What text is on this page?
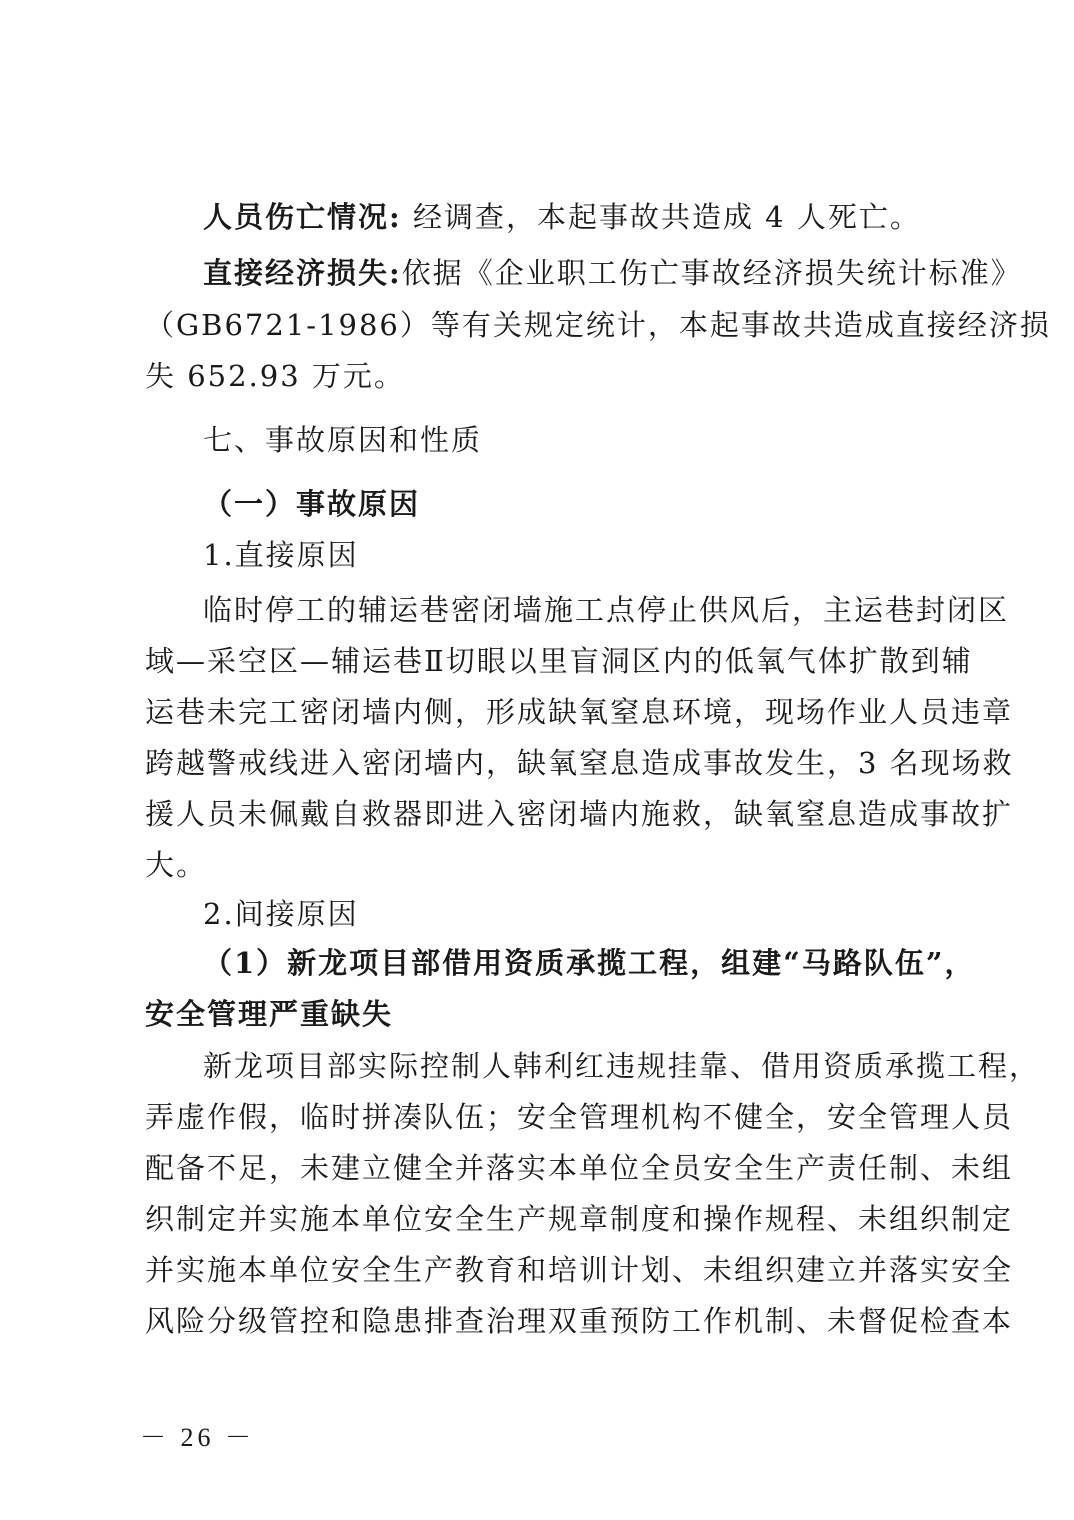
人员伤亡情况: 经调查，本起事故共造成 4 人死亡。
直接经济损失:依据《企业职工伤亡事故经济损失统计标准》
（GB6721-1986）等有关规定统计，本起事故共造成直接经济损
失 652.93 万元。
七、事故原因和性质
（一）事故原因
1.直接原因
临时停工的辅运巷密闭墙施工点停止供风后，主运巷封闭区
域—采空区—辅运巷Ⅱ切眼以里盲洞区内的低氧气体扩散到辅
运巷未完工密闭墙内侧，形成缺氧窒息环境，现场作业人员违章
跨越警戒线进入密闭墙内，缺氧窒息造成事故发生，3 名现场救
援人员未佩戴自救器即进入密闭墙内施救，缺氧窒息造成事故扩
大。
2.间接原因
（1）新龙项目部借用资质承揽工程，组建“马路队伍”，
安全管理严重缺失
新龙项目部实际控制人韩利红违规挂靠、借用资质承揽工程，
弄虚作假，临时拼凑队伍；安全管理机构不健全，安全管理人员
配备不足，未建立健全并落实本单位全员安全生产责任制、未组
织制定并实施本单位安全生产规章制度和操作规程、未组织制定
并实施本单位安全生产教育和培训计划、未组织建立并落实安全
风险分级管控和隐患排查治理双重预防工作机制、未督促检查本
－ 26 －
